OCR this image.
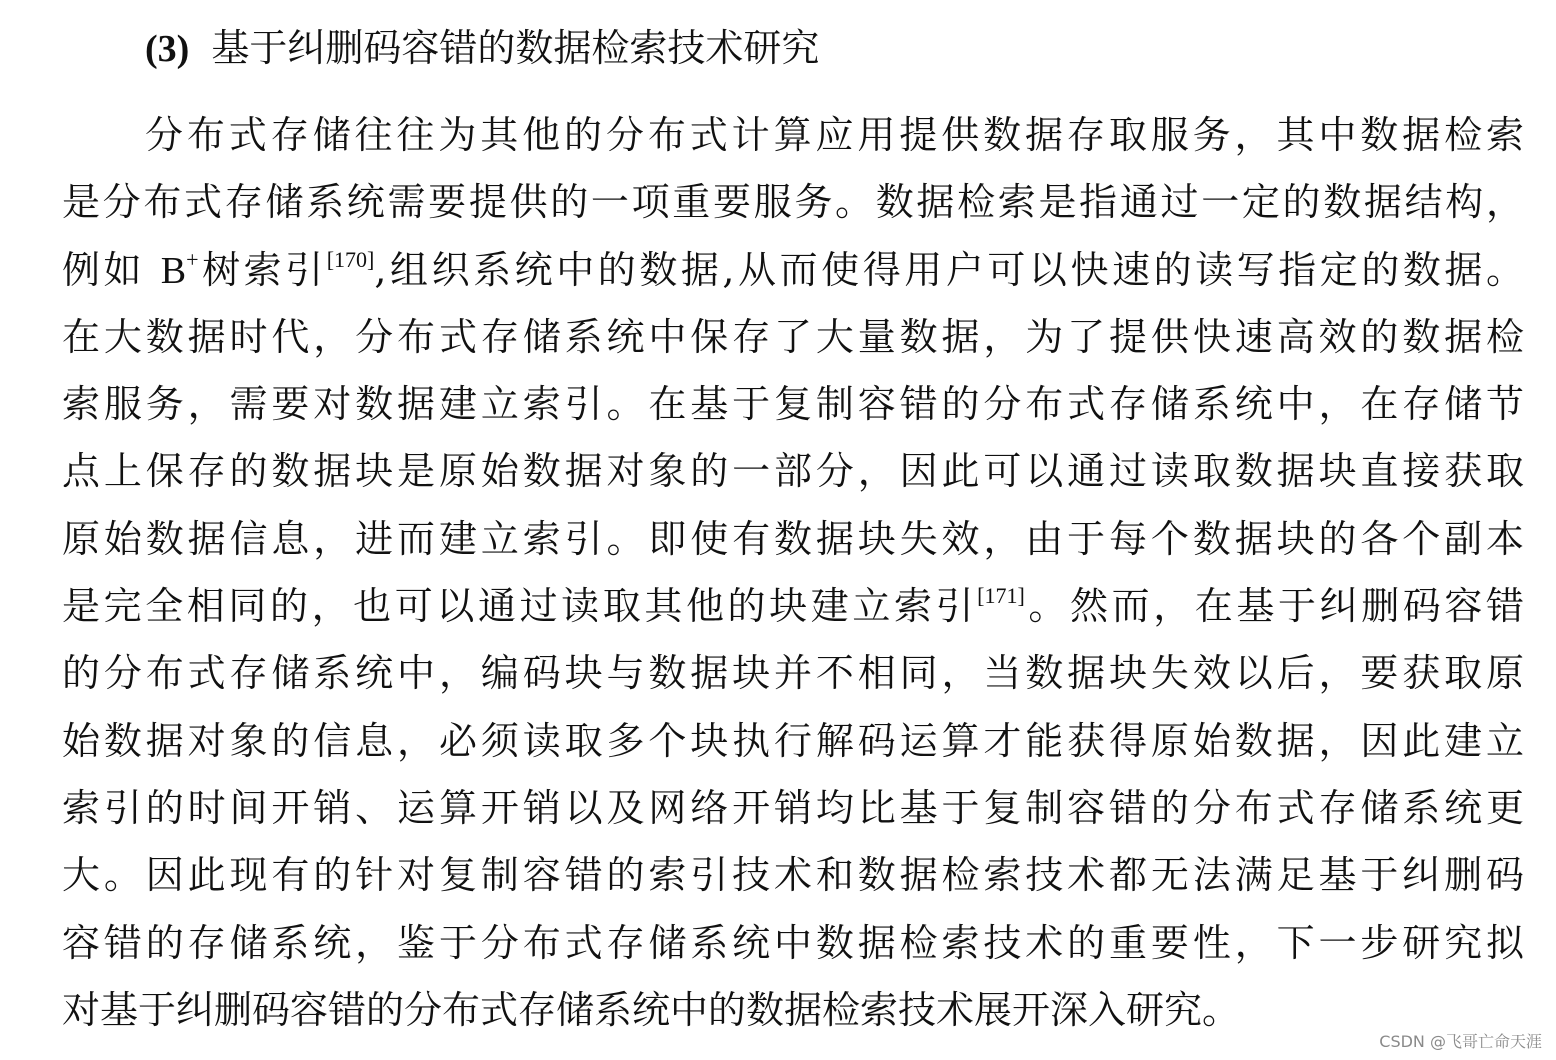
(3) 基于纠删码容错的数据检索技术研究
分布式存储往往为其他的分布式计算应用提供数据存取服务，其中数据检索
是分布式存储系统需要提供的一项重要服务。数据检索是指通过一定的数据结构，
例如 B+树索引[170],组织系统中的数据,从而使得用户可以快速的读写指定的数据。
在大数据时代，分布式存储系统中保存了大量数据，为了提供快速高效的数据检
索服务，需要对数据建立索引。在基于复制容错的分布式存储系统中，在存储节
点上保存的数据块是原始数据对象的一部分，因此可以通过读取数据块直接获取
原始数据信息，进而建立索引。即使有数据块失效，由于每个数据块的各个副本
是完全相同的，也可以通过读取其他的块建立索引[171]。然而，在基于纠删码容错
的分布式存储系统中，编码块与数据块并不相同，当数据块失效以后，要获取原
始数据对象的信息，必须读取多个块执行解码运算才能获得原始数据，因此建立
索引的时间开销、运算开销以及网络开销均比基于复制容错的分布式存储系统更
大。因此现有的针对复制容错的索引技术和数据检索技术都无法满足基于纠删码
容错的存储系统，鉴于分布式存储系统中数据检索技术的重要性，下一步研究拟
对基于纠删码容错的分布式存储系统中的数据检索技术展开深入研究。
CSDN @飞哥亡命天涯
